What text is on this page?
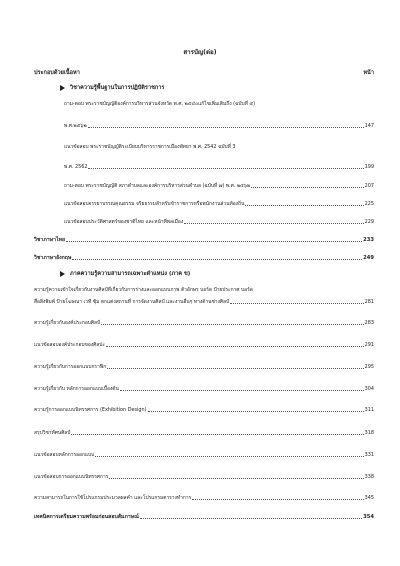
สารบัญ(ต่อ)
ประกอบด้วยเนื้อหา	หน้า
วิชาความรู้พื้นฐานในการปฏิบัติราชการ
ถาม-ตอบ พระราชบัญญัติองค์การบริหารส่วนจังหวัด พ.ศ. ๒๕๔๐แก้ไขเพิ่มเติมถึง (ฉบับที่ ๕)
พ.ศ.๒๕๖๒	147
แนวข้อสอบ พระราชบัญญัติระเบียบบริหารราชการเมืองพัทยา พ.ศ. 2542 ฉบับที่ 3
พ.ศ. 2562	199
ถาม-ตอบ พระราชบัญญัติ สภาตำบลและองค์การบริหารส่วนตำบล (ฉบับที่ ๗) พ.ศ. ๒๕๖๒	207
แนวข้อสอบจรรยาบรรณคุณธรรม จริยธรรมสำหรับข้าราชการหรือพนักงานส่วนท้องถิ่น	225
แนวข้อสอบประวัติศาสตร์ของชาติไทย และหน้าที่พลเมือง	229
วิชาภาษาไทย	233
วิชาภาษาอังกฤษ	249
ภาคความรู้ความสามารถเฉพาะตำแหน่ง (ภาค ข)
ความรู้ความเข้าใจเกี่ยวกับงานศิลป์ที่เกี่ยวกับการร่างและออกแบบภาพ ตัวอักษร บอร์ด ป้ายประกาศ บอร์ด
สื่อสิ่งพิมพ์ ป้ายโฆษณา เวที ซุ้ม ตกแต่งสถานที่ การจัดงานศิลป์ และงานอื่นๆ ทางด้านช่างศิลป์	281
ความรู้เกี่ยวกับองค์ประกอบศิลป์	283
แนวข้อสอบองค์ประกอบของศิลปะ	291
ความรู้เกี่ยวกับการออกแบบกราฟิก	295
ความรู้เกี่ยวกับ หลักการออกแบบเบื้องต้น	304
ความรู้การออกแบบนิทรรศการ (Exhibition Design)	311
สรุปวิชาทัศนศิลป์	318
แนวข้อสอบหลักการออกแบบ	331
แนวข้อสอบการออกแบบนิทรรศการ	338
ความสามารถในการใช้โปรแกรมประมวลผลคำ และโปรแกรมตารางทำการ	345
เทคนิคการเตรียมความพร้อมก่อนสอบสัมภาษณ์	354
